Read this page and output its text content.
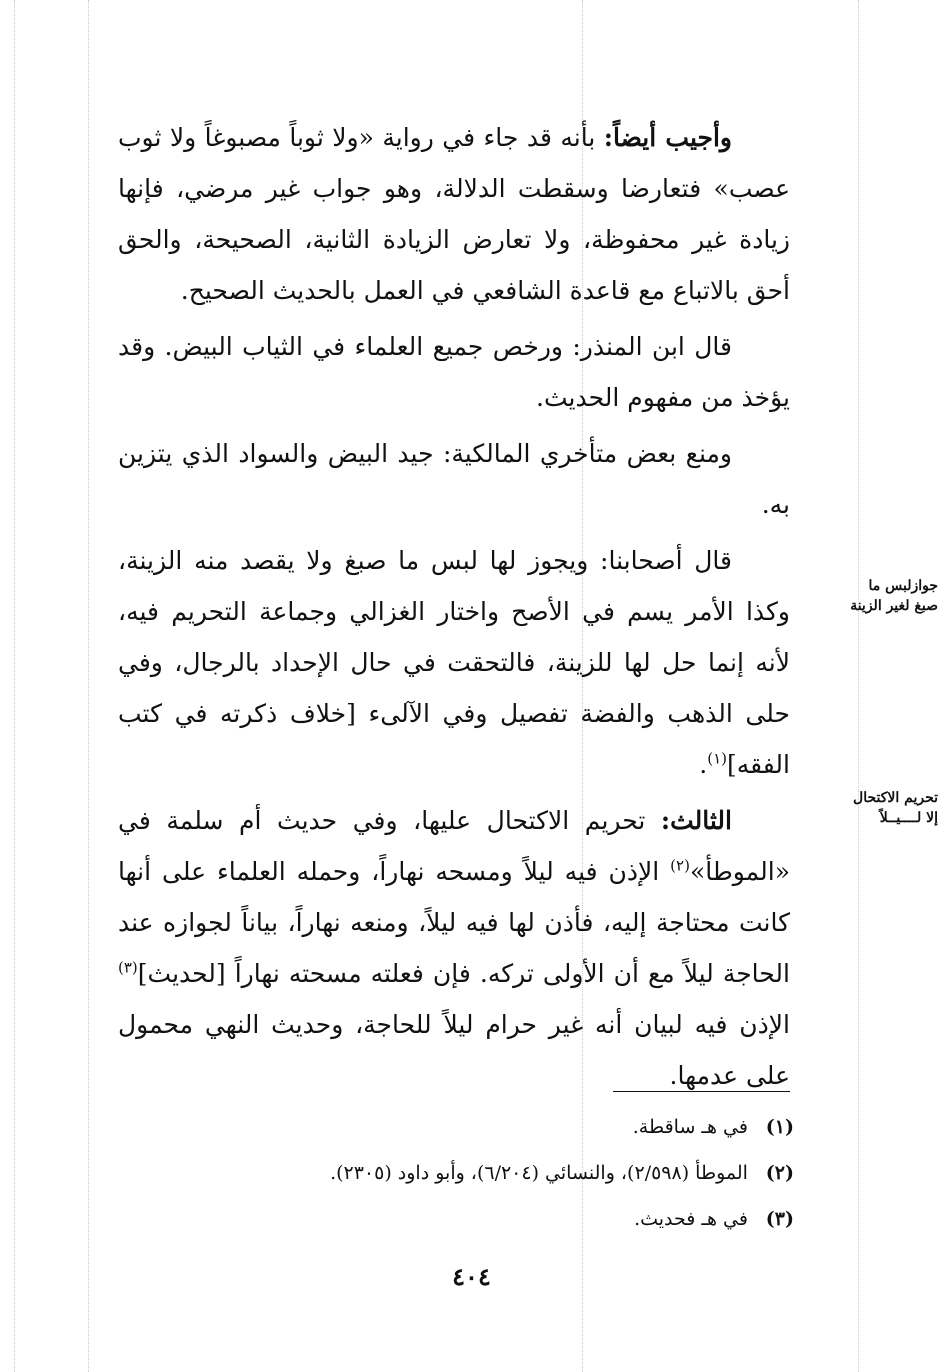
جوازلبس ما
صبغ لغير الزينة
تحريم الاكتحال
إلا لــــيــلاً

وأجيب أيضاً: بأنه قد جاء في رواية «ولا ثوباً مصبوغاً ولا ثوب عصب» فتعارضا وسقطت الدلالة، وهو جواب غير مرضي، فإنها زيادة غير محفوظة، ولا تعارض الزيادة الثانية، الصحيحة، والحق أحق بالاتباع مع قاعدة الشافعي في العمل بالحديث الصحيح.

قال ابن المنذر: ورخص جميع العلماء في الثياب البيض. وقد يؤخذ من مفهوم الحديث.

ومنع بعض متأخري المالكية: جيد البيض والسواد الذي يتزين به.

قال أصحابنا: ويجوز لها لبس ما صبغ ولا يقصد منه الزينة، وكذا الأمر يسم في الأصح واختار الغزالي وجماعة التحريم فيه، لأنه إنما حل لها للزينة، فالتحقت في حال الإحداد بالرجال، وفي حلى الذهب والفضة تفصيل وفي الآلىء [خلاف ذكرته في كتب الفقه]$^{(١)}$.

الثالث: تحريم الاكتحال عليها، وفي حديث أم سلمة في «الموطأ»$^{(٢)}$ الإذن فيه ليلاً ومسحه نهاراً، وحمله العلماء على أنها كانت محتاجة إليه، فأذن لها فيه ليلاً، ومنعه نهاراً، بياناً لجوازه عند الحاجة ليلاً مع أن الأولى تركه. فإن فعلته مسحته نهاراً [لحديث]$^{(٣)}$ الإذن فيه لبيان أنه غير حرام ليلاً للحاجة، وحديث النهي محمول على عدمها.

(١) في هـ ساقطة.

(٢) الموطأ (٢/٥٩٨)، والنسائي (٦/٢٠٤)، وأبو داود (٢٣٠٥).

(٣) في هـ فحديث.

٤٠٤
